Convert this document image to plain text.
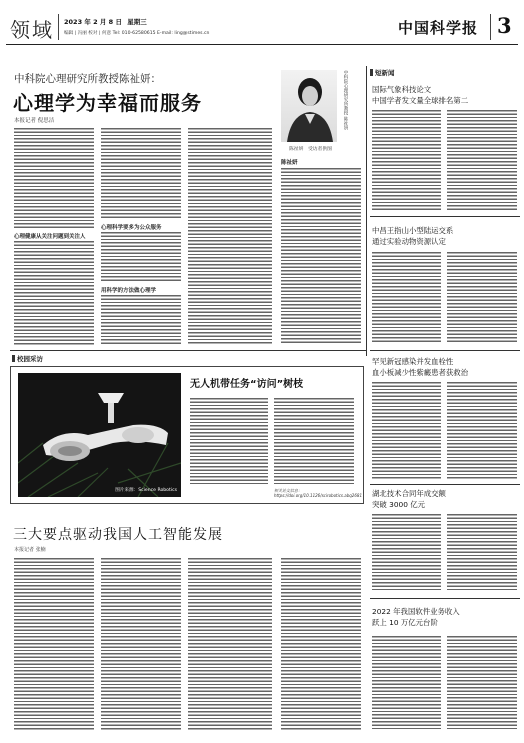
领域 2023 年 2 月 8 日 星期三
编辑 | 冯丽 校对 | 何意 Tel: 010-62580615 E-mail: ling@stimes.cn	中国科学报 3
中科院心理研究所教授陈祉妍：
心理学为幸福而服务
本报记者 倪思洁	中科院心理研究所教授 陈祉妍
陈祉妍 受访者供图
陈祉妍
心理健康从关注问题到关注人
心理科学要多为公众服务
用科学的方法做心理学
校园采访
图片来源：Science Robotics
无人机带任务“访问”树枝
相关论文信息：https://doi.org/10.1126/scirobotics.abq2681
三大要点驱动我国人工智能发展
本报记者 张楠
短新闻
国际气象科技论文
中国学者发文量全球排名第二
中昌王指山小型陆运交系
通过实验动物资源认定
罕见新冠感染并发血栓性
血小板减少性紫癜患者获救治
湖北技术合同年成交额
突破 3000 亿元
2022 年我国软件业务收入
跃上 10 万亿元台阶
